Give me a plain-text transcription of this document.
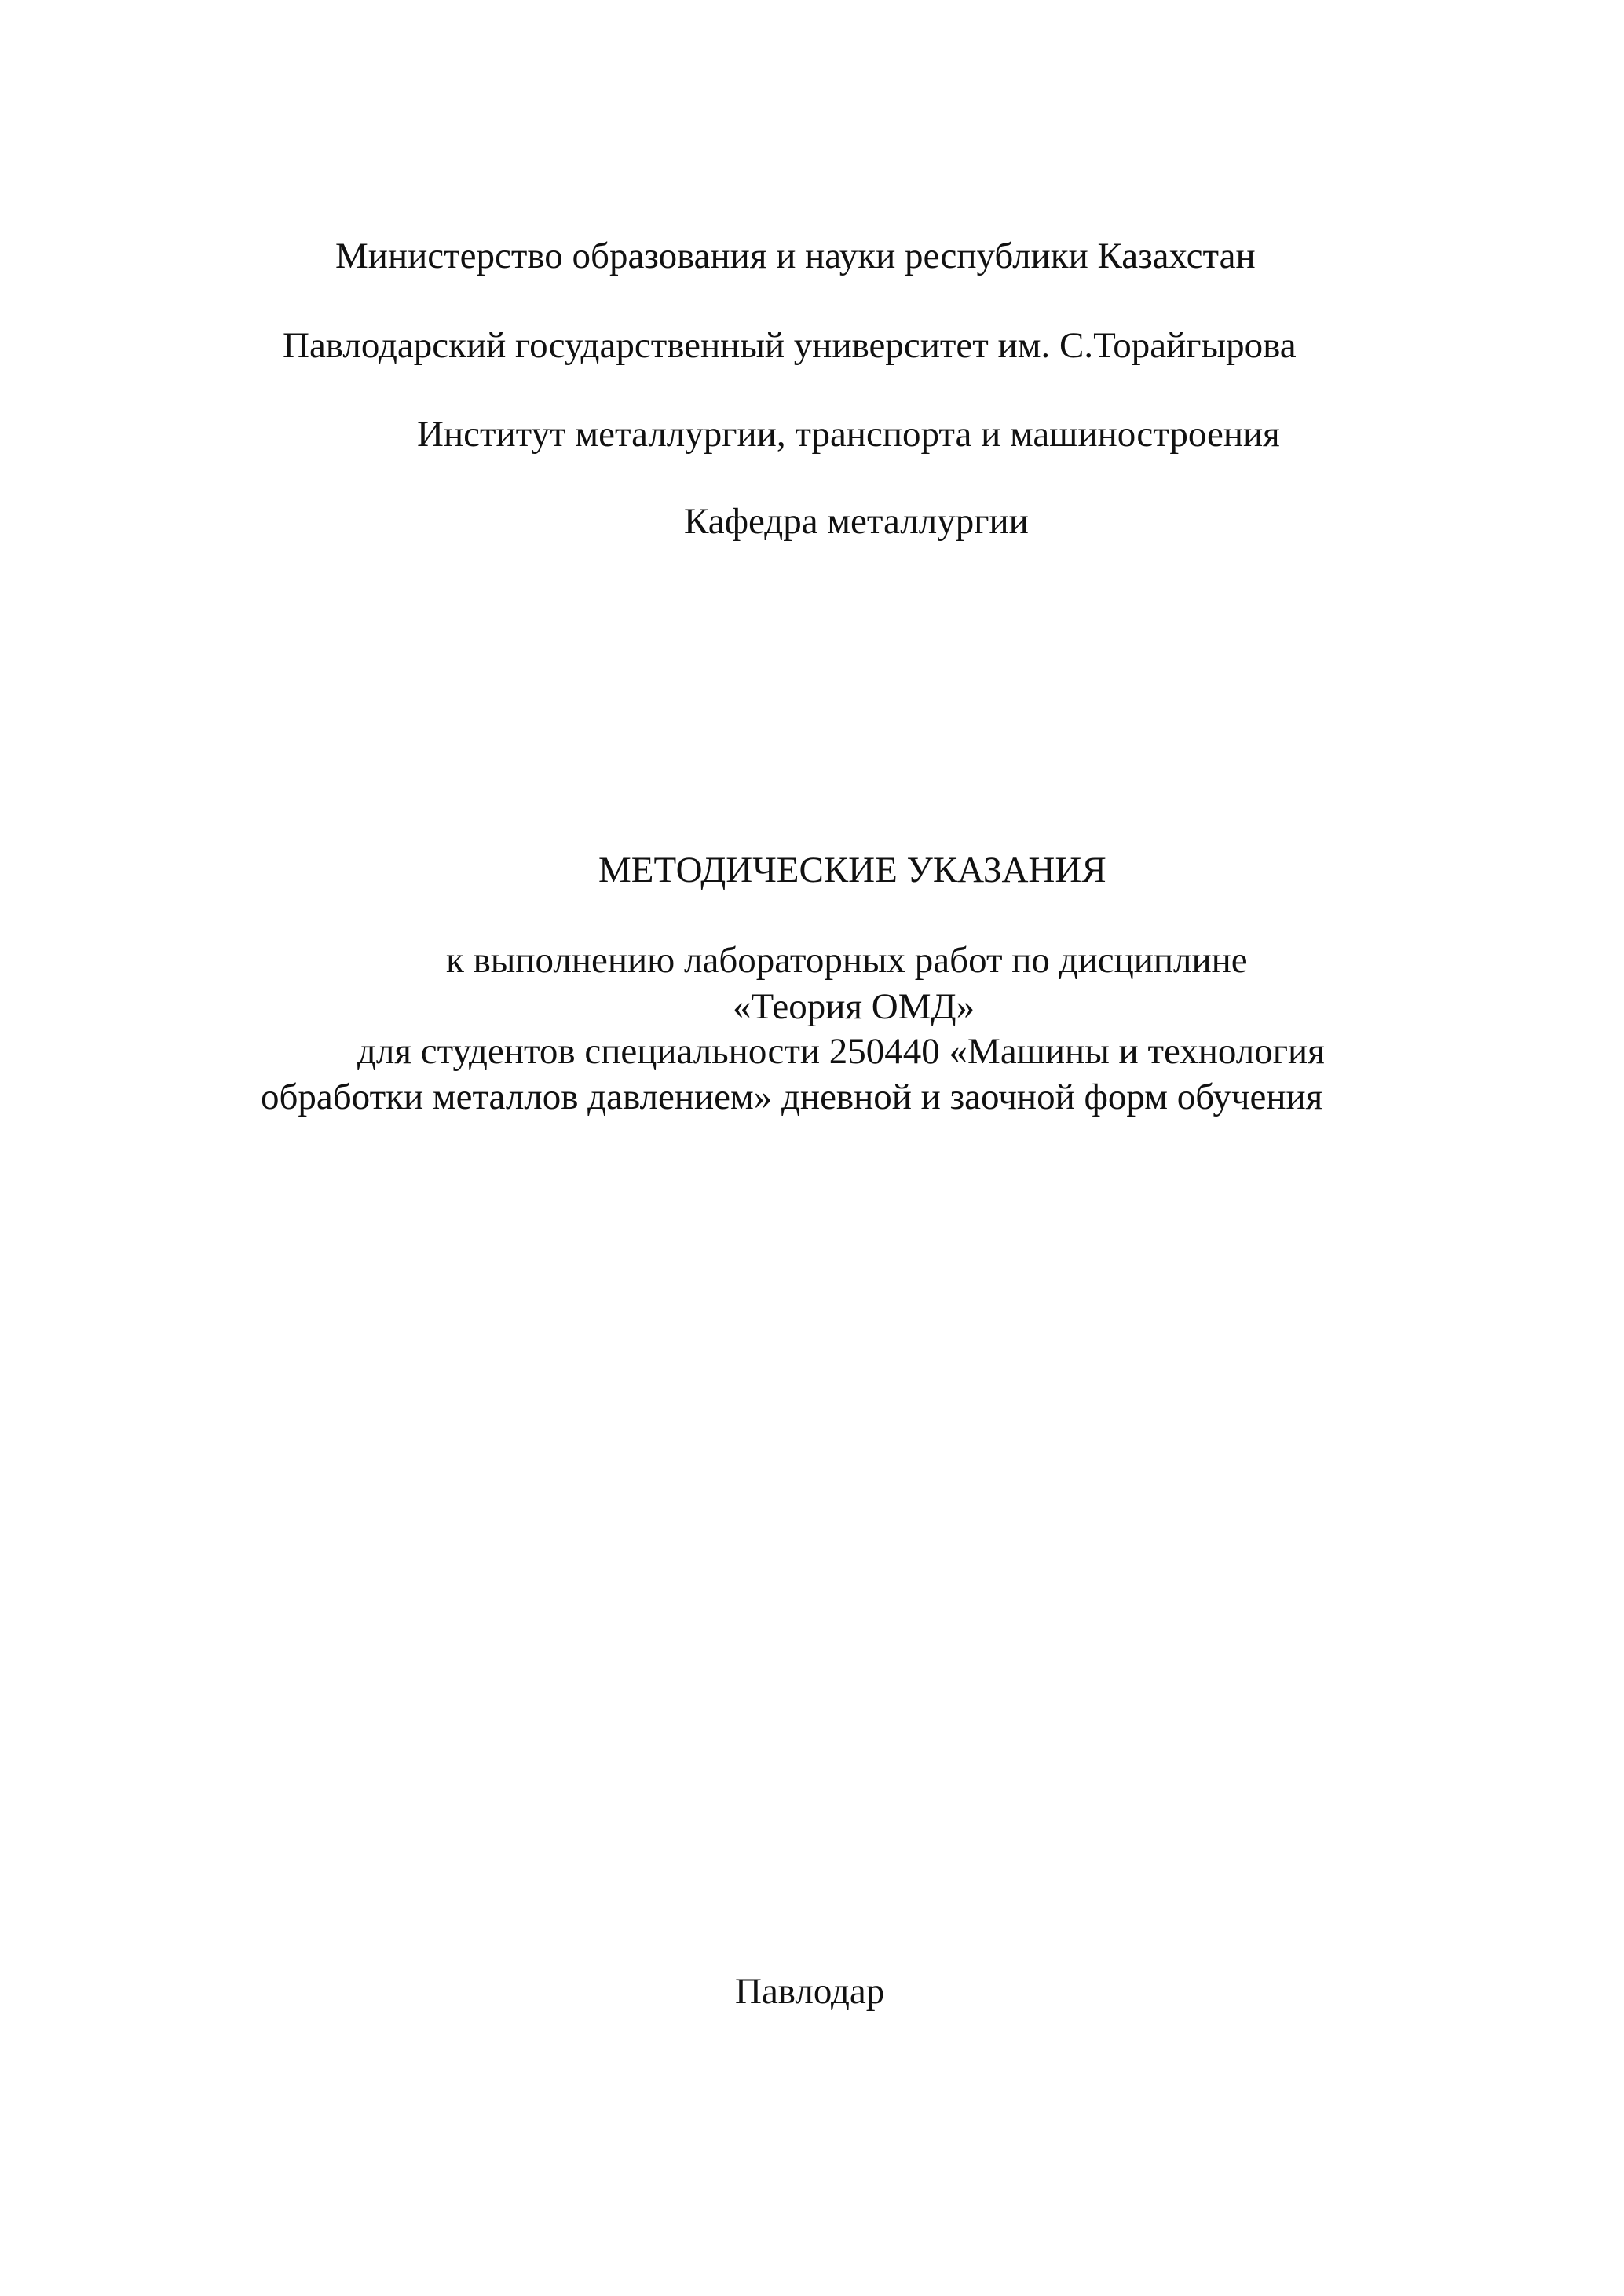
Министерство образования и науки республики Казахстан
Павлодарский государственный университет им. С.Торайгырова
Институт металлургии, транспорта и машиностроения
Кафедра металлургии
МЕТОДИЧЕСКИЕ УКАЗАНИЯ
к выполнению лабораторных работ по дисциплине
«Теория ОМД»
для студентов специальности 250440 «Машины и технология
обработки металлов давлением» дневной и заочной форм обучения
Павлодар
